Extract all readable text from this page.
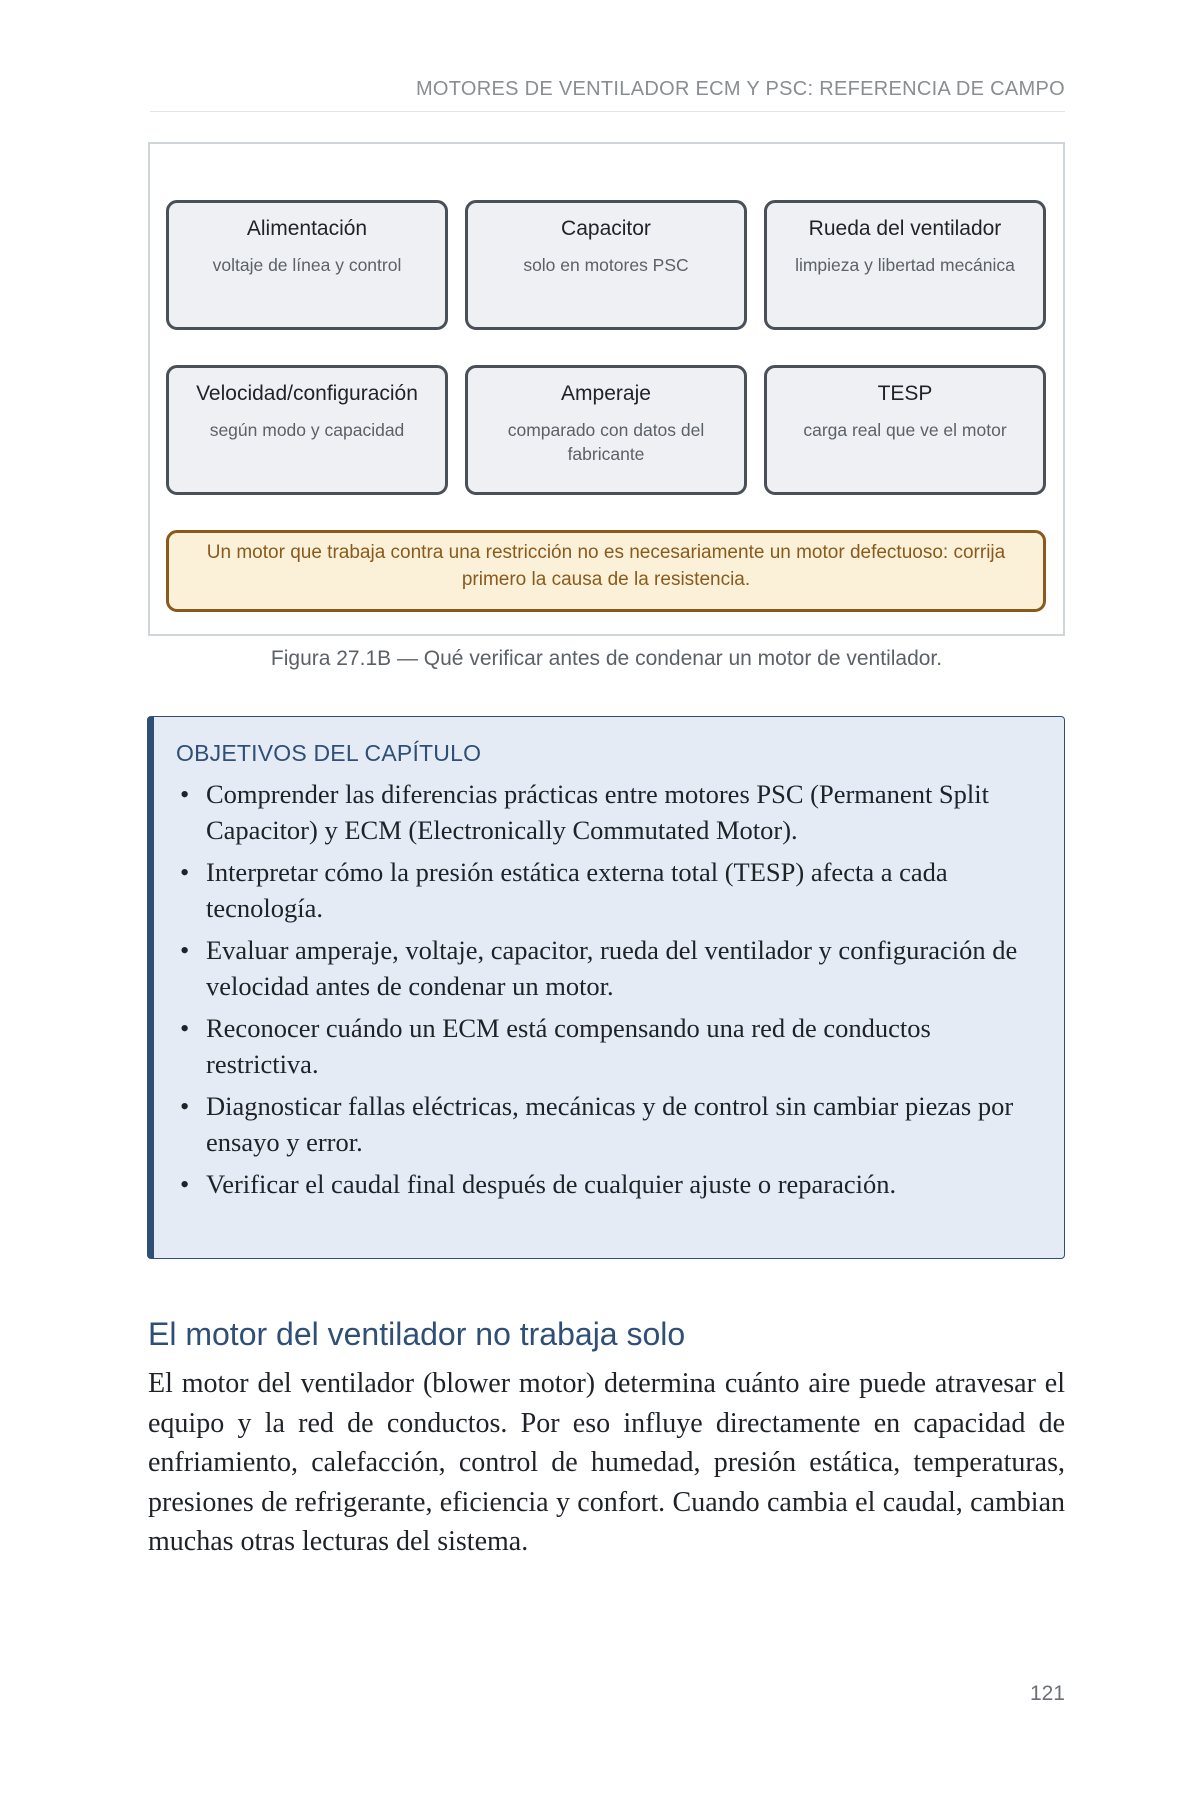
MOTORES DE VENTILADOR ECM Y PSC: REFERENCIA DE CAMPO
Alimentación
voltaje de línea y control
Capacitor
solo en motores PSC
Rueda del ventilador
limpieza y libertad mecánica
Velocidad/configuración
según modo y capacidad
Amperaje
comparado con datos del fabricante
TESP
carga real que ve el motor
Un motor que trabaja contra una restricción no es necesariamente un motor defectuoso: corrija primero la causa de la resistencia.
Figura 27.1B — Qué verificar antes de condenar un motor de ventilador.
OBJETIVOS DEL CAPÍTULO
• Comprender las diferencias prácticas entre motores PSC (Permanent Split Capacitor) y ECM (Electronically Commutated Motor).
• Interpretar cómo la presión estática externa total (TESP) afecta a cada tecnología.
• Evaluar amperaje, voltaje, capacitor, rueda del ventilador y configuración de velocidad antes de condenar un motor.
• Reconocer cuándo un ECM está compensando una red de conductos restrictiva.
• Diagnosticar fallas eléctricas, mecánicas y de control sin cambiar piezas por ensayo y error.
• Verificar el caudal final después de cualquier ajuste o reparación.
El motor del ventilador no trabaja solo
El motor del ventilador (blower motor) determina cuánto aire puede atravesar el equipo y la red de conductos. Por eso influye directamente en capacidad de enfriamiento, calefacción, control de humedad, presión estática, temperaturas, presiones de refrigerante, eficiencia y confort. Cuando cambia el caudal, cambian muchas otras lecturas del sistema.
121
